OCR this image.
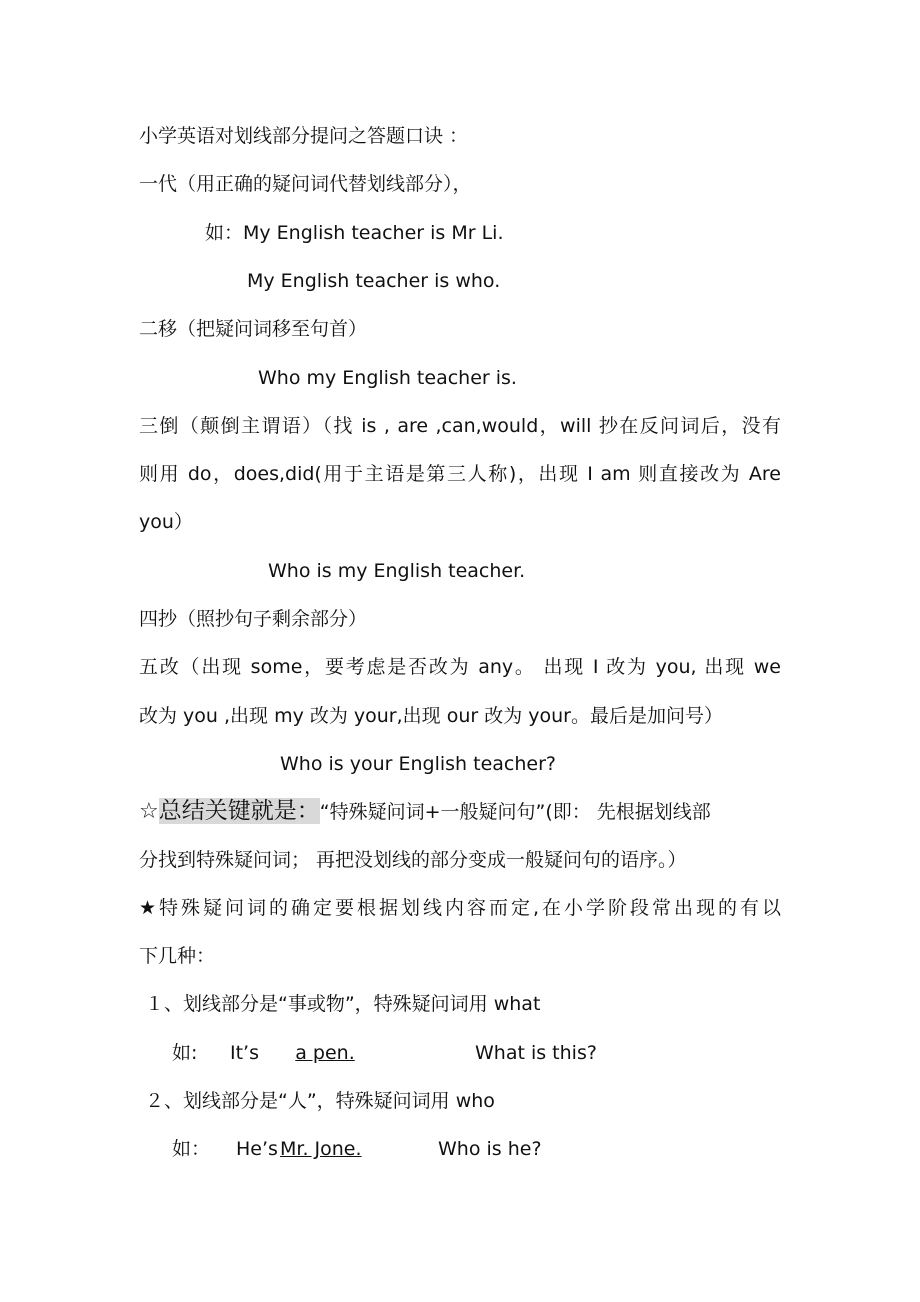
小学英语对划线部分提问之答题口诀 ：
一代（用正确的疑问词代替划线部分），
如：My English teacher is Mr Li.
My English teacher is who.
二移（把疑问词移至句首）
Who my English teacher is.
三倒（颠倒主谓语）（找 is , are ,can,would，will 抄在反问词后，没有
则用 do，does,did(用于主语是第三人称)，出现 I am 则直接改为 Are
you）
Who is my English teacher.
四抄（照抄句子剩余部分）
五改（出现 some，要考虑是否改为 any。 出现 I 改为 you, 出现 we
改为 you ,出现 my 改为 your,出现 our 改为 your。最后是加问号）
Who is your English teacher?
☆总结关键就是：“特殊疑问词+一般疑问句”(即： 先根据划线部
分找到特殊疑问词； 再把没划线的部分变成一般疑问句的语序。）
★特殊疑问词的确定要根据划线内容而定,在小学阶段常出现的有以
下几种：
１、划线部分是“事或物”，特殊疑问词用 what
如: It’s	a pen.	What is this?
２、划线部分是“人”，特殊疑问词用 who
如： He’s Mr. Jone.	Who is he?
